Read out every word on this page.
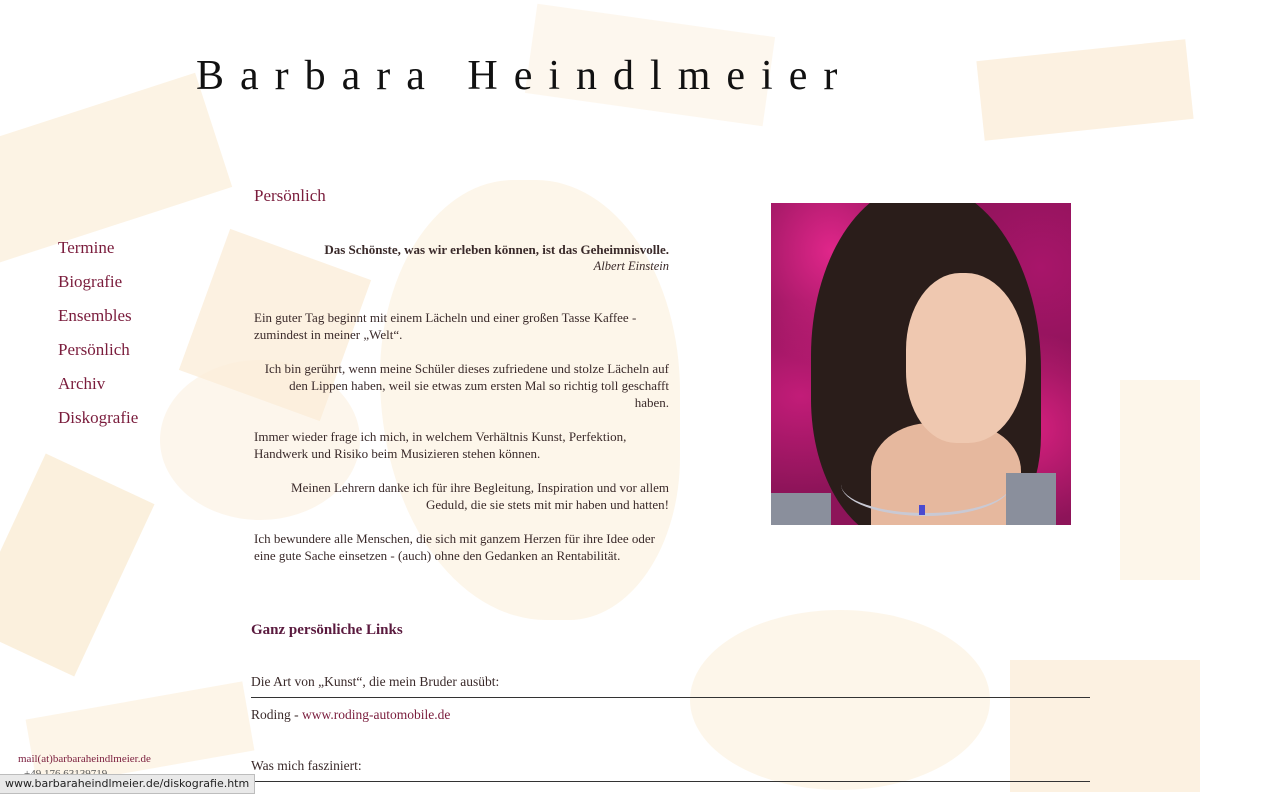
Barbara Heindlmeier
Termine
Biografie
Ensembles
Persönlich
Archiv
Diskografie
Persönlich
Das Schönste, was wir erleben können, ist das Geheimnisvolle.
Albert Einstein

Ein guter Tag beginnt mit einem Lächeln und einer großen Tasse Kaffee - zumindest in meiner „Welt“.

Ich bin gerührt, wenn meine Schüler dieses zufriedene und stolze Lächeln auf den Lippen haben, weil sie etwas zum ersten Mal so richtig toll geschafft haben.

Immer wieder frage ich mich, in welchem Verhältnis Kunst, Perfektion, Handwerk und Risiko beim Musizieren stehen können.

Meinen Lehrern danke ich für ihre Begleitung, Inspiration und vor allem Geduld, die sie stets mit mir haben und hatten!

Ich bewundere alle Menschen, die sich mit ganzem Herzen für ihre Idee oder eine gute Sache einsetzen - (auch) ohne den Gedanken an Rentabilität.

Ganz persönliche Links
Die Art von „Kunst“, die mein Bruder ausübt:
Roding - www.roding-automobile.de
Was mich fasziniert:
mail(at)barbaraheindlmeier.de
www.barbaraheindlmeier.de/diskografie.htm
